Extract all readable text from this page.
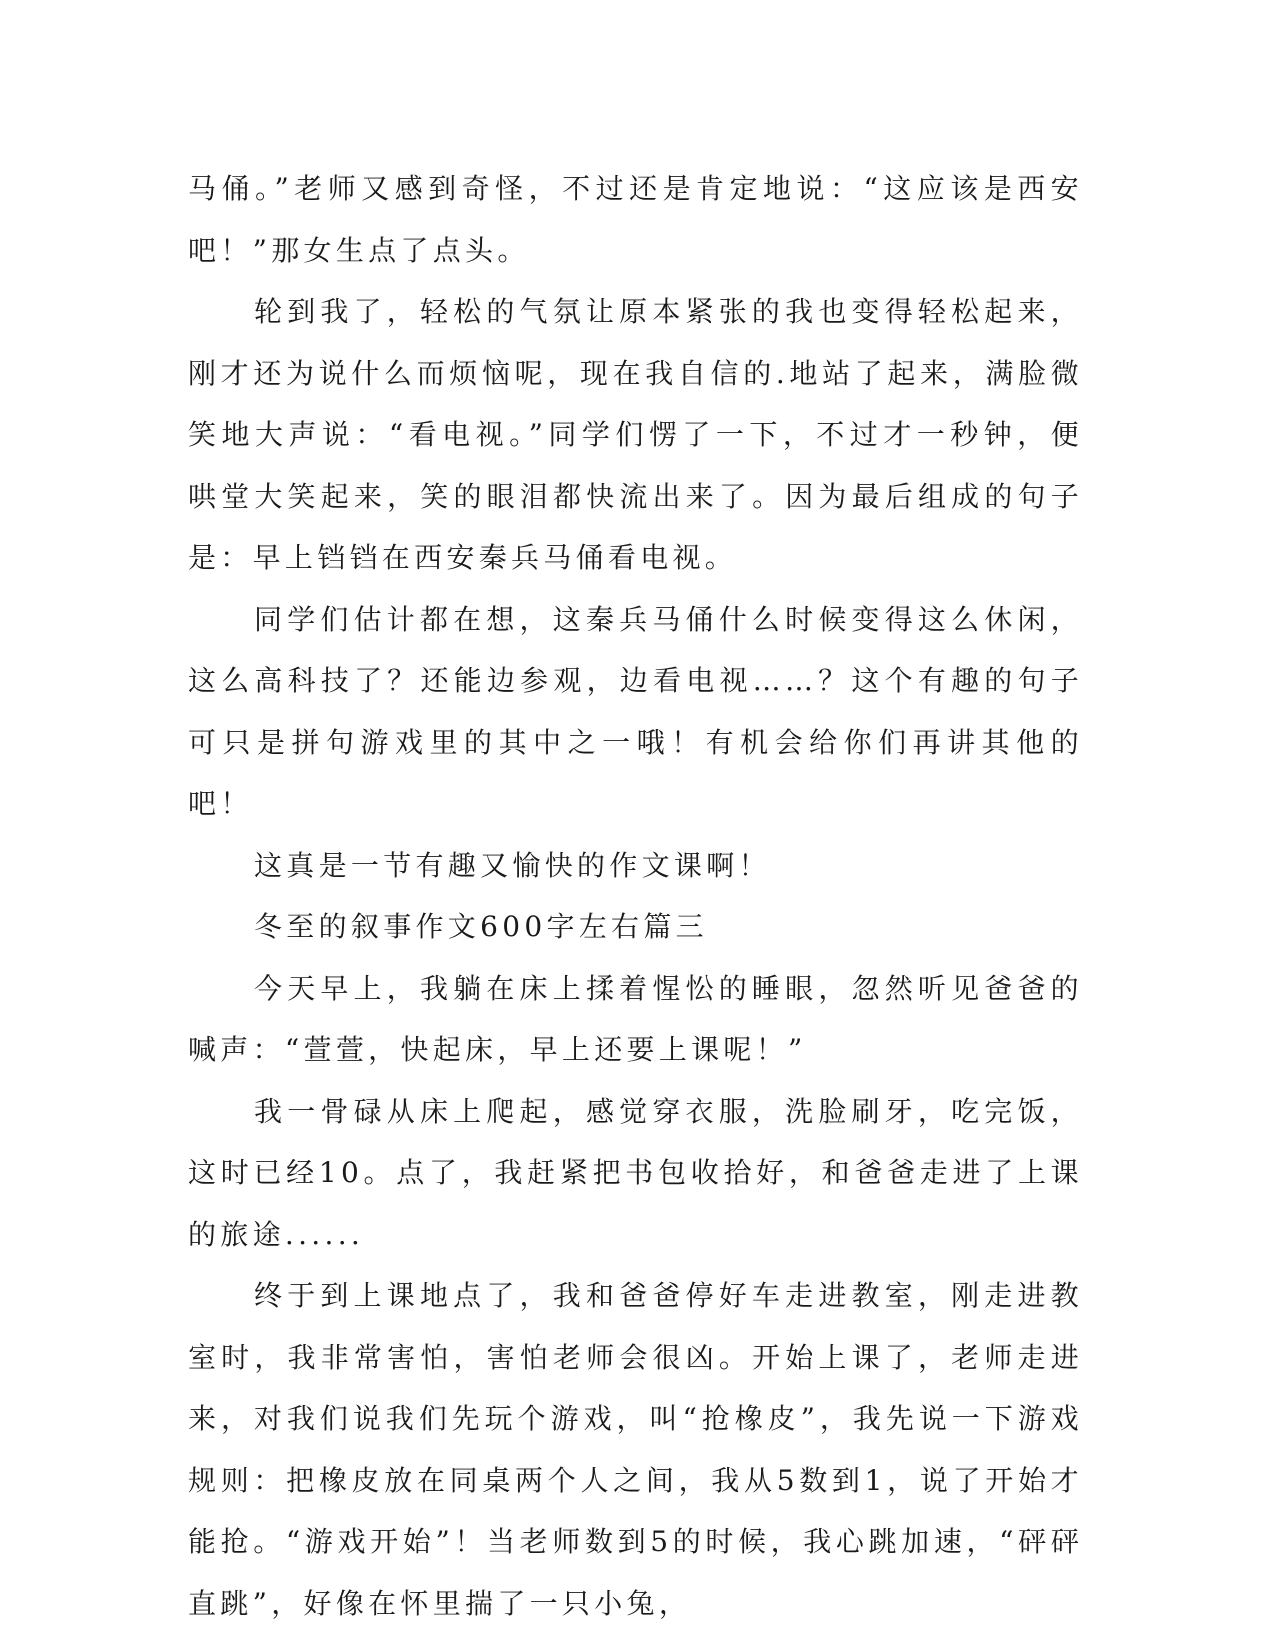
马俑。”老师又感到奇怪，不过还是肯定地说：“这应该是西安吧！”那女生点了点头。

轮到我了，轻松的气氛让原本紧张的我也变得轻松起来，刚才还为说什么而烦恼呢，现在我自信的.地站了起来，满脸微笑地大声说：“看电视。”同学们愣了一下，不过才一秒钟，便哄堂大笑起来，笑的眼泪都快流出来了。因为最后组成的句子是：早上铛铛在西安秦兵马俑看电视。

同学们估计都在想，这秦兵马俑什么时候变得这么休闲，这么高科技了？还能边参观，边看电视……？这个有趣的句子可只是拼句游戏里的其中之一哦！有机会给你们再讲其他的吧！

这真是一节有趣又愉快的作文课啊！

冬至的叙事作文600字左右篇三

今天早上，我躺在床上揉着惺忪的睡眼，忽然听见爸爸的喊声：“萱萱，快起床，早上还要上课呢！”

我一骨碌从床上爬起，感觉穿衣服，洗脸刷牙，吃完饭，这时已经10。点了，我赶紧把书包收拾好，和爸爸走进了上课的旅途......

终于到上课地点了，我和爸爸停好车走进教室，刚走进教室时，我非常害怕，害怕老师会很凶。开始上课了，老师走进来，对我们说我们先玩个游戏，叫“抢橡皮”，我先说一下游戏规则：把橡皮放在同桌两个人之间，我从5数到1，说了开始才能抢。“游戏开始”！当老师数到5的时候，我心跳加速，“砰砰直跳”，好像在怀里揣了一只小兔，
